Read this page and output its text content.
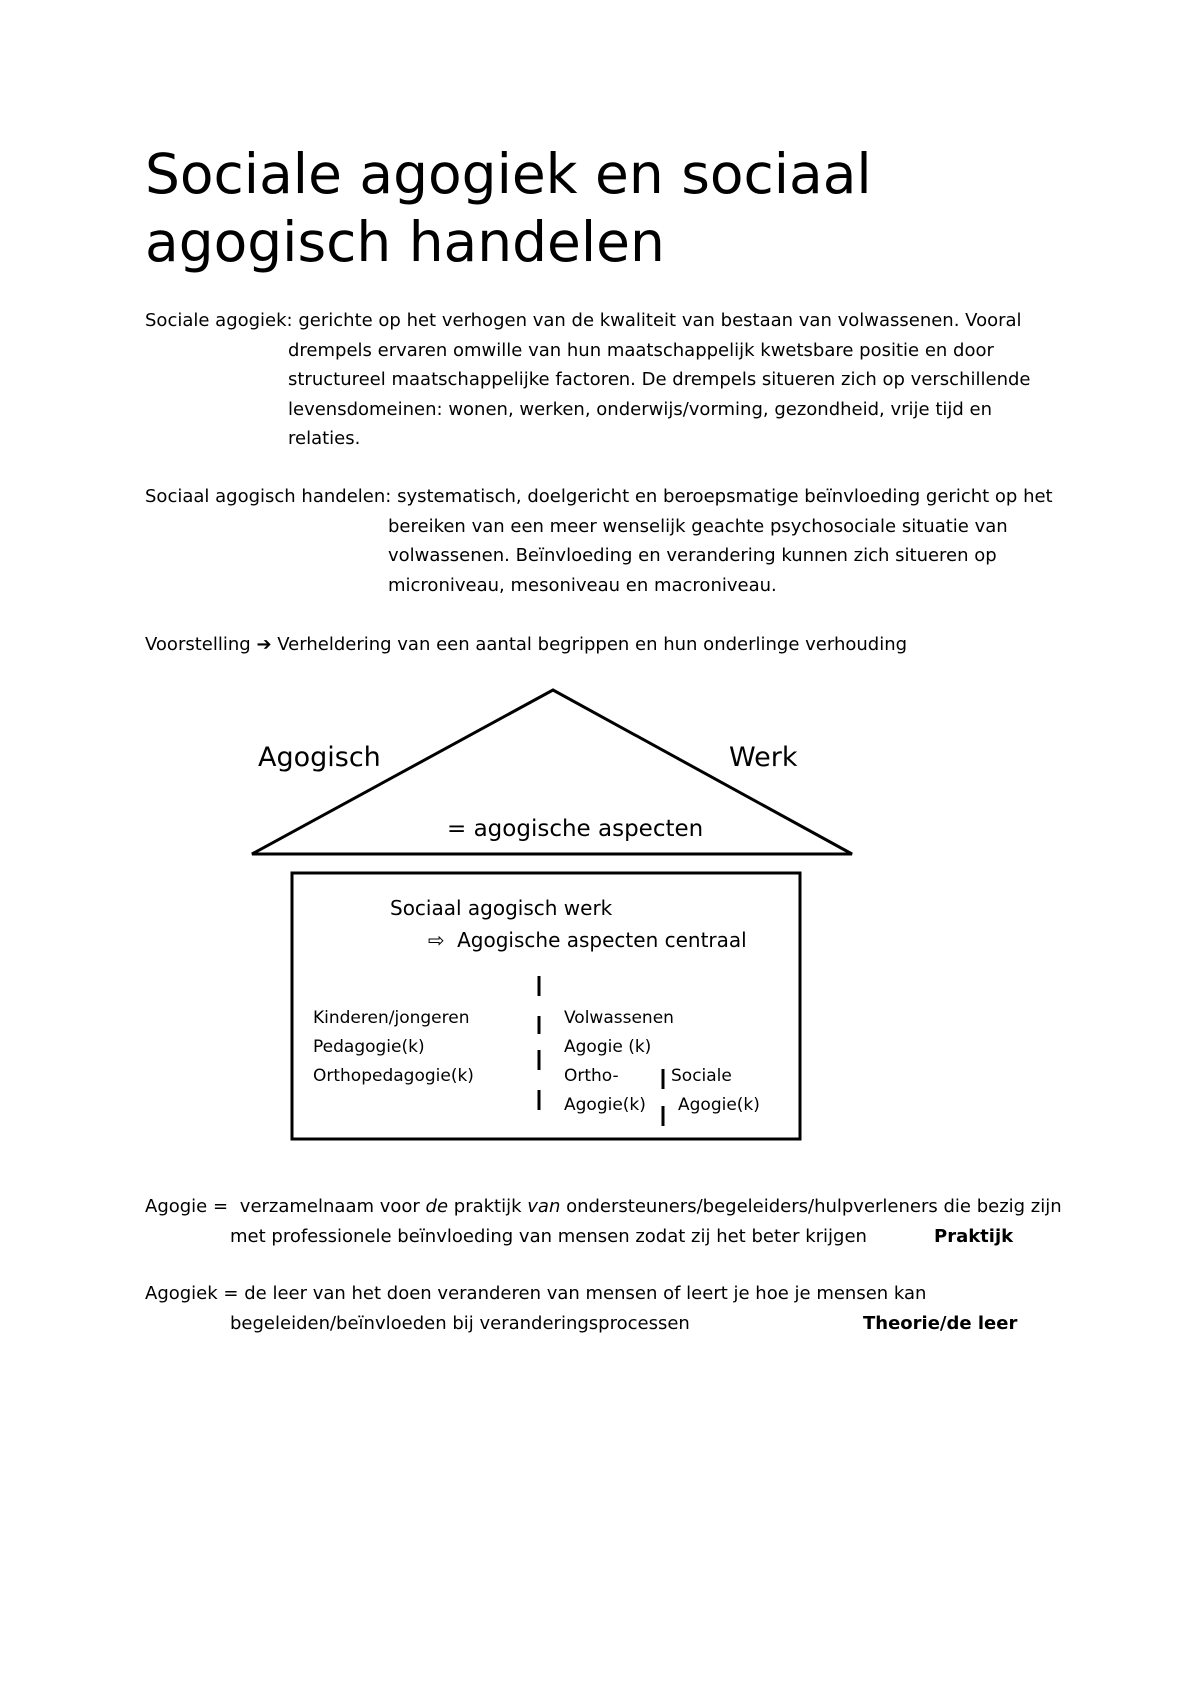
Sociale agogiek en sociaal agogisch handelen
Sociale agogiek: gerichte op het verhogen van de kwaliteit van bestaan van volwassenen. Vooral
drempels ervaren omwille van hun maatschappelijk kwetsbare positie en door
structureel maatschappelijke factoren. De drempels situeren zich op verschillende
levensdomeinen: wonen, werken, onderwijs/vorming, gezondheid, vrije tijd en
relaties.
Sociaal agogisch handelen: systematisch, doelgericht en beroepsmatige beïnvloeding gericht op het
bereiken van een meer wenselijk geachte psychosociale situatie van
volwassenen. Beïnvloeding en verandering kunnen zich situeren op
microniveau, mesoniveau en macroniveau.
Voorstelling ➔ Verheldering van een aantal begrippen en hun onderlinge verhouding
Agogisch	Werk
= agogische aspecten
Sociaal agogisch werk
⇨ Agogische aspecten centraal
Kinderen/jongeren
Pedagogie(k)
Orthopedagogie(k)
Volwassenen
Agogie (k)
Ortho-
Agogie(k)
Sociale
Agogie(k)
Agogie = verzamelnaam voor de praktijk van ondersteuners/begeleiders/hulpverleners die bezig zijn
met professionele beïnvloeding van mensen zodat zij het beter krijgen	Praktijk
Agogiek = de leer van het doen veranderen van mensen of leert je hoe je mensen kan
begeleiden/beïnvloeden bij veranderingsprocessen	Theorie/de leer
